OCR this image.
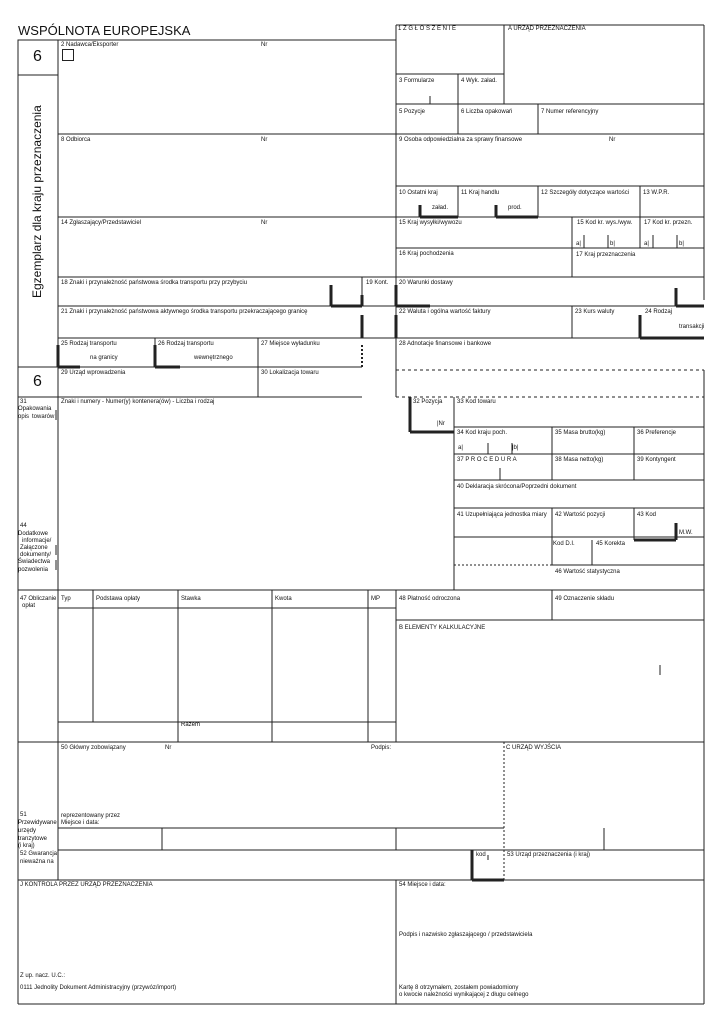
WSPÓLNOTA EUROPEJSKA
6
6
Egzemplarz dla kraju przeznaczenia
1 Z G Ł O S Z E N I E	A URZĄD PRZEZNACZENIA
2 Nadawca/Eksporter	Nr
3 Formularze	4 Wyk. załad.
5 Pozycje	6 Liczba opakowań	7 Numer referencyjny
8 Odbiorca	Nr	9 Osoba odpowiedzialna za sprawy finansowe	Nr
10 Ostatni kraj
załad.
11 Kraj handlu
prod.
12 Szczegóły dotyczące wartości 13 W.P.R.
14 Zgłaszający/Przedstawiciel	Nr	15 Kraj wysyłki/wywozu	15 Kod kr. wys./wyw. 17 Kod kr. przezn.
a|	b|	a|	b|
16 Kraj pochodzenia	17 Kraj przeznaczenia
18 Znaki i przynależność państwowa środka transportu przy przybyciu	19 Kont. 20 Warunki dostawy
21 Znaki i przynależność państwowa aktywnego środka transportu przekraczającego granicę	22 Waluta i ogólna wartość faktury	23 Kurs waluty	24 Rodzaj
transakcji
25 Rodzaj transportu
na granicy
26 Rodzaj transportu
wewnętrznego
27 Miejsce wyładunku	28 Adnotacje finansowe i bankowe
29 Urząd wprowadzenia	30 Lokalizacja towaru
31
Opakowania
opis towarów
Znaki i numery - Numer(y) kontenera(ów) - Liczba i rodzaj	32 Pozycja
|Nr
33 Kod towaru
34 Kod kraju poch.
a|	|b|
35 Masa brutto(kg)	36 Preferencje
37 P R O C E D U R A	38 Masa netto(kg)	39 Kontyngent
40 Deklaracja skrócona/Poprzedni dokument
41 Uzupełniająca jednostka miary 42 Wartość pozycji	43 Kod
M.W.
44
Dodatkowe
informacje/
Załączone
dokumenty/
Świadectwa
pozwolenia
Kod D.I.	45 Korekta
46 Wartość statystyczna
47 Obliczanie
opłat
Typ	Podstawa opłaty	Stawka	Kwota	MP
Razem
48 Płatność odroczona	49 Oznaczenie składu
B ELEMENTY KALKULACYJNE
50 Główny zobowiązany	Nr	Podpis:	C URZĄD WYJŚCIA
51
Przewidywane
urzędy
tranzytowe
(i kraj)
reprezentowany przez
Miejsce i data:
52 Gwarancja
nieważna na
kod	53 Urząd przeznaczenia (i kraj)
J KONTROLA PRZEZ URZĄD PRZEZNACZENIA	54 Miejsce i data:
Podpis i nazwisko zgłaszającego / przedstawiciela
Z up. nacz. U.C.:
0111 Jednolity Dokument Administracyjny (przywóz/import)	Kartę 8 otrzymałem, zostałem powiadomiony
o kwocie należności wynikającej z długu celnego
